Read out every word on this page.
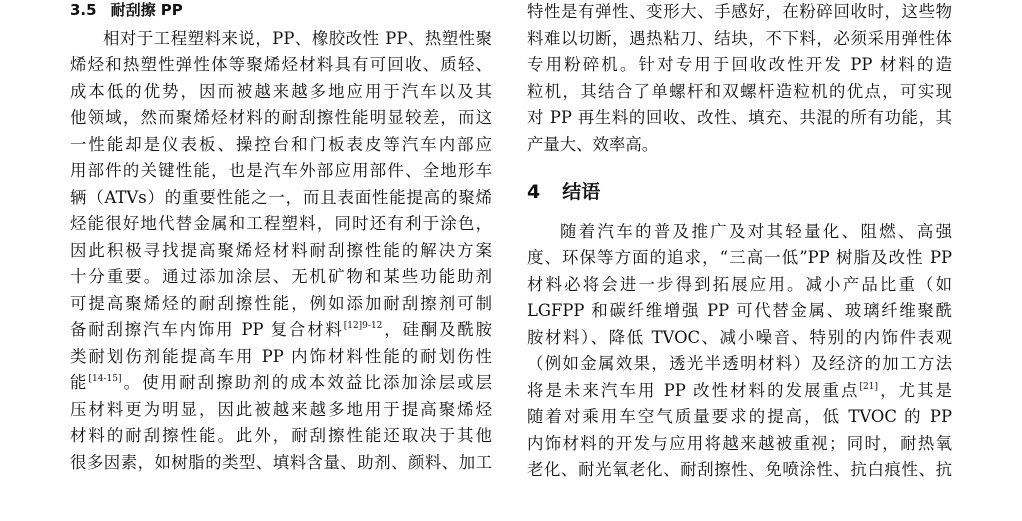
3.5 耐刮擦 PP
相对于工程塑料来说，PP、橡胶改性 PP、热塑性聚
烯烃和热塑性弹性体等聚烯烃材料具有可回收、质轻、
成本低的优势，因而被越来越多地应用于汽车以及其
他领域，然而聚烯烃材料的耐刮擦性能明显较差，而这
一性能却是仪表板、操控台和门板表皮等汽车内部应
用部件的关键性能，也是汽车外部应用部件、全地形车
辆（ATVs）的重要性能之一，而且表面性能提高的聚烯
烃能很好地代替金属和工程塑料，同时还有利于涂色，
因此积极寻找提高聚烯烃材料耐刮擦性能的解决方案
十分重要。通过添加涂层、无机矿物和某些功能助剂
可提高聚烯烃的耐刮擦性能，例如添加耐刮擦剂可制
备耐刮擦汽车内饰用 PP 复合材料$^{[12]9-12}$，硅酮及酰胺
类耐划伤剂能提高车用 PP 内饰材料性能的耐划伤性
能[14-15]。使用耐刮擦助剂的成本效益比添加涂层或层
压材料更为明显，因此被越来越多地用于提高聚烯烃
材料的耐刮擦性能。此外，耐刮擦性能还取决于其他
很多因素，如树脂的类型、填料含量、助剂、颜料、加工
特性是有弹性、变形大、手感好，在粉碎回收时，这些物
料难以切断，遇热粘刀、结块，不下料，必须采用弹性体
专用粉碎机。针对专用于回收改性开发 PP 材料的造
粒机，其结合了单螺杆和双螺杆造粒机的优点，可实现
对 PP 再生料的回收、改性、填充、共混的所有功能，其
产量大、效率高。
4 结语
随着汽车的普及推广及对其轻量化、阻燃、高强
度、环保等方面的追求，“三高一低”PP 树脂及改性 PP
材料必将会进一步得到拓展应用。减小产品比重（如
LGFPP 和碳纤维增强 PP 可代替金属、玻璃纤维聚酰
胺材料）、降低 TVOC、减小噪音、特别的内饰件表观
（例如金属效果，透光半透明材料）及经济的加工方法
将是未来汽车用 PP 改性材料的发展重点[21]，尤其是
随着对乘用车空气质量要求的提高，低 TVOC 的 PP
内饰材料的开发与应用将越来越被重视；同时，耐热氧
老化、耐光氧老化、耐刮擦性、免喷涂性、抗白痕性、抗
